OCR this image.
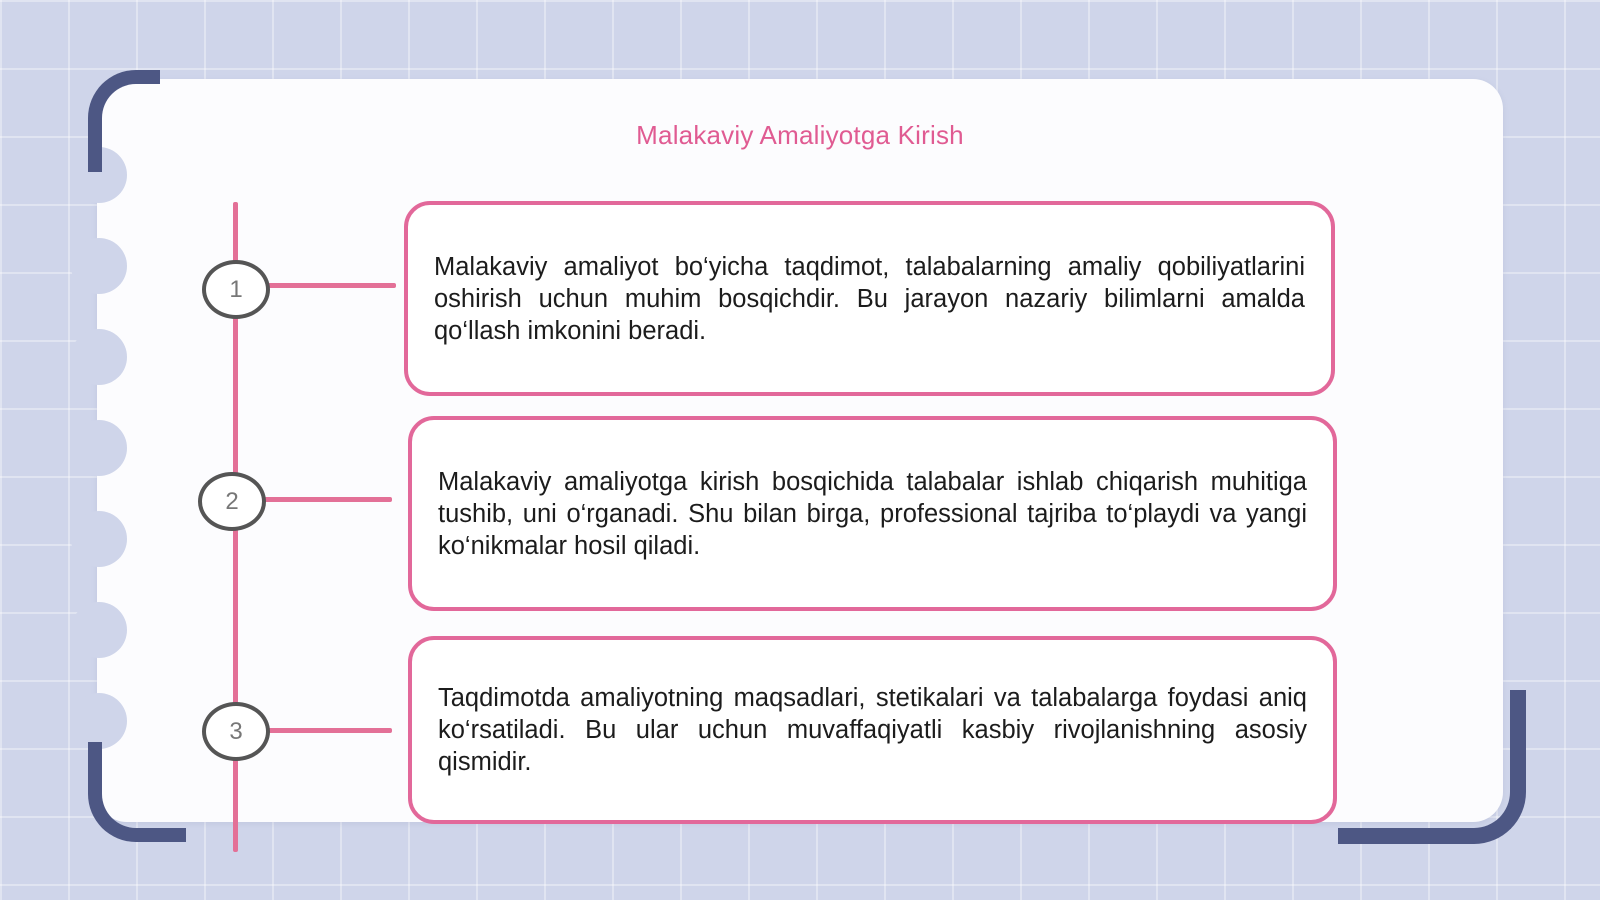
Malakaviy Amaliyotga Kirish
1
2
3

Malakaviy amaliyot bo‘yicha taqdimot, talabalarning amaliy qobiliyatlarini oshirish uchun muhim bosqichdir. Bu jarayon nazariy bilimlarni amalda qo‘llash imkonini beradi.

Malakaviy amaliyotga kirish bosqichida talabalar ishlab chiqarish muhitiga tushib, uni o‘rganadi. Shu bilan birga, professional tajriba to‘playdi va yangi ko‘nikmalar hosil qiladi.

Taqdimotda amaliyotning maqsadlari, stetikalari va talabalarga foydasi aniq ko‘rsatiladi. Bu ular uchun muvaffaqiyatli kasbiy rivojlanishning asosiy qismidir.
